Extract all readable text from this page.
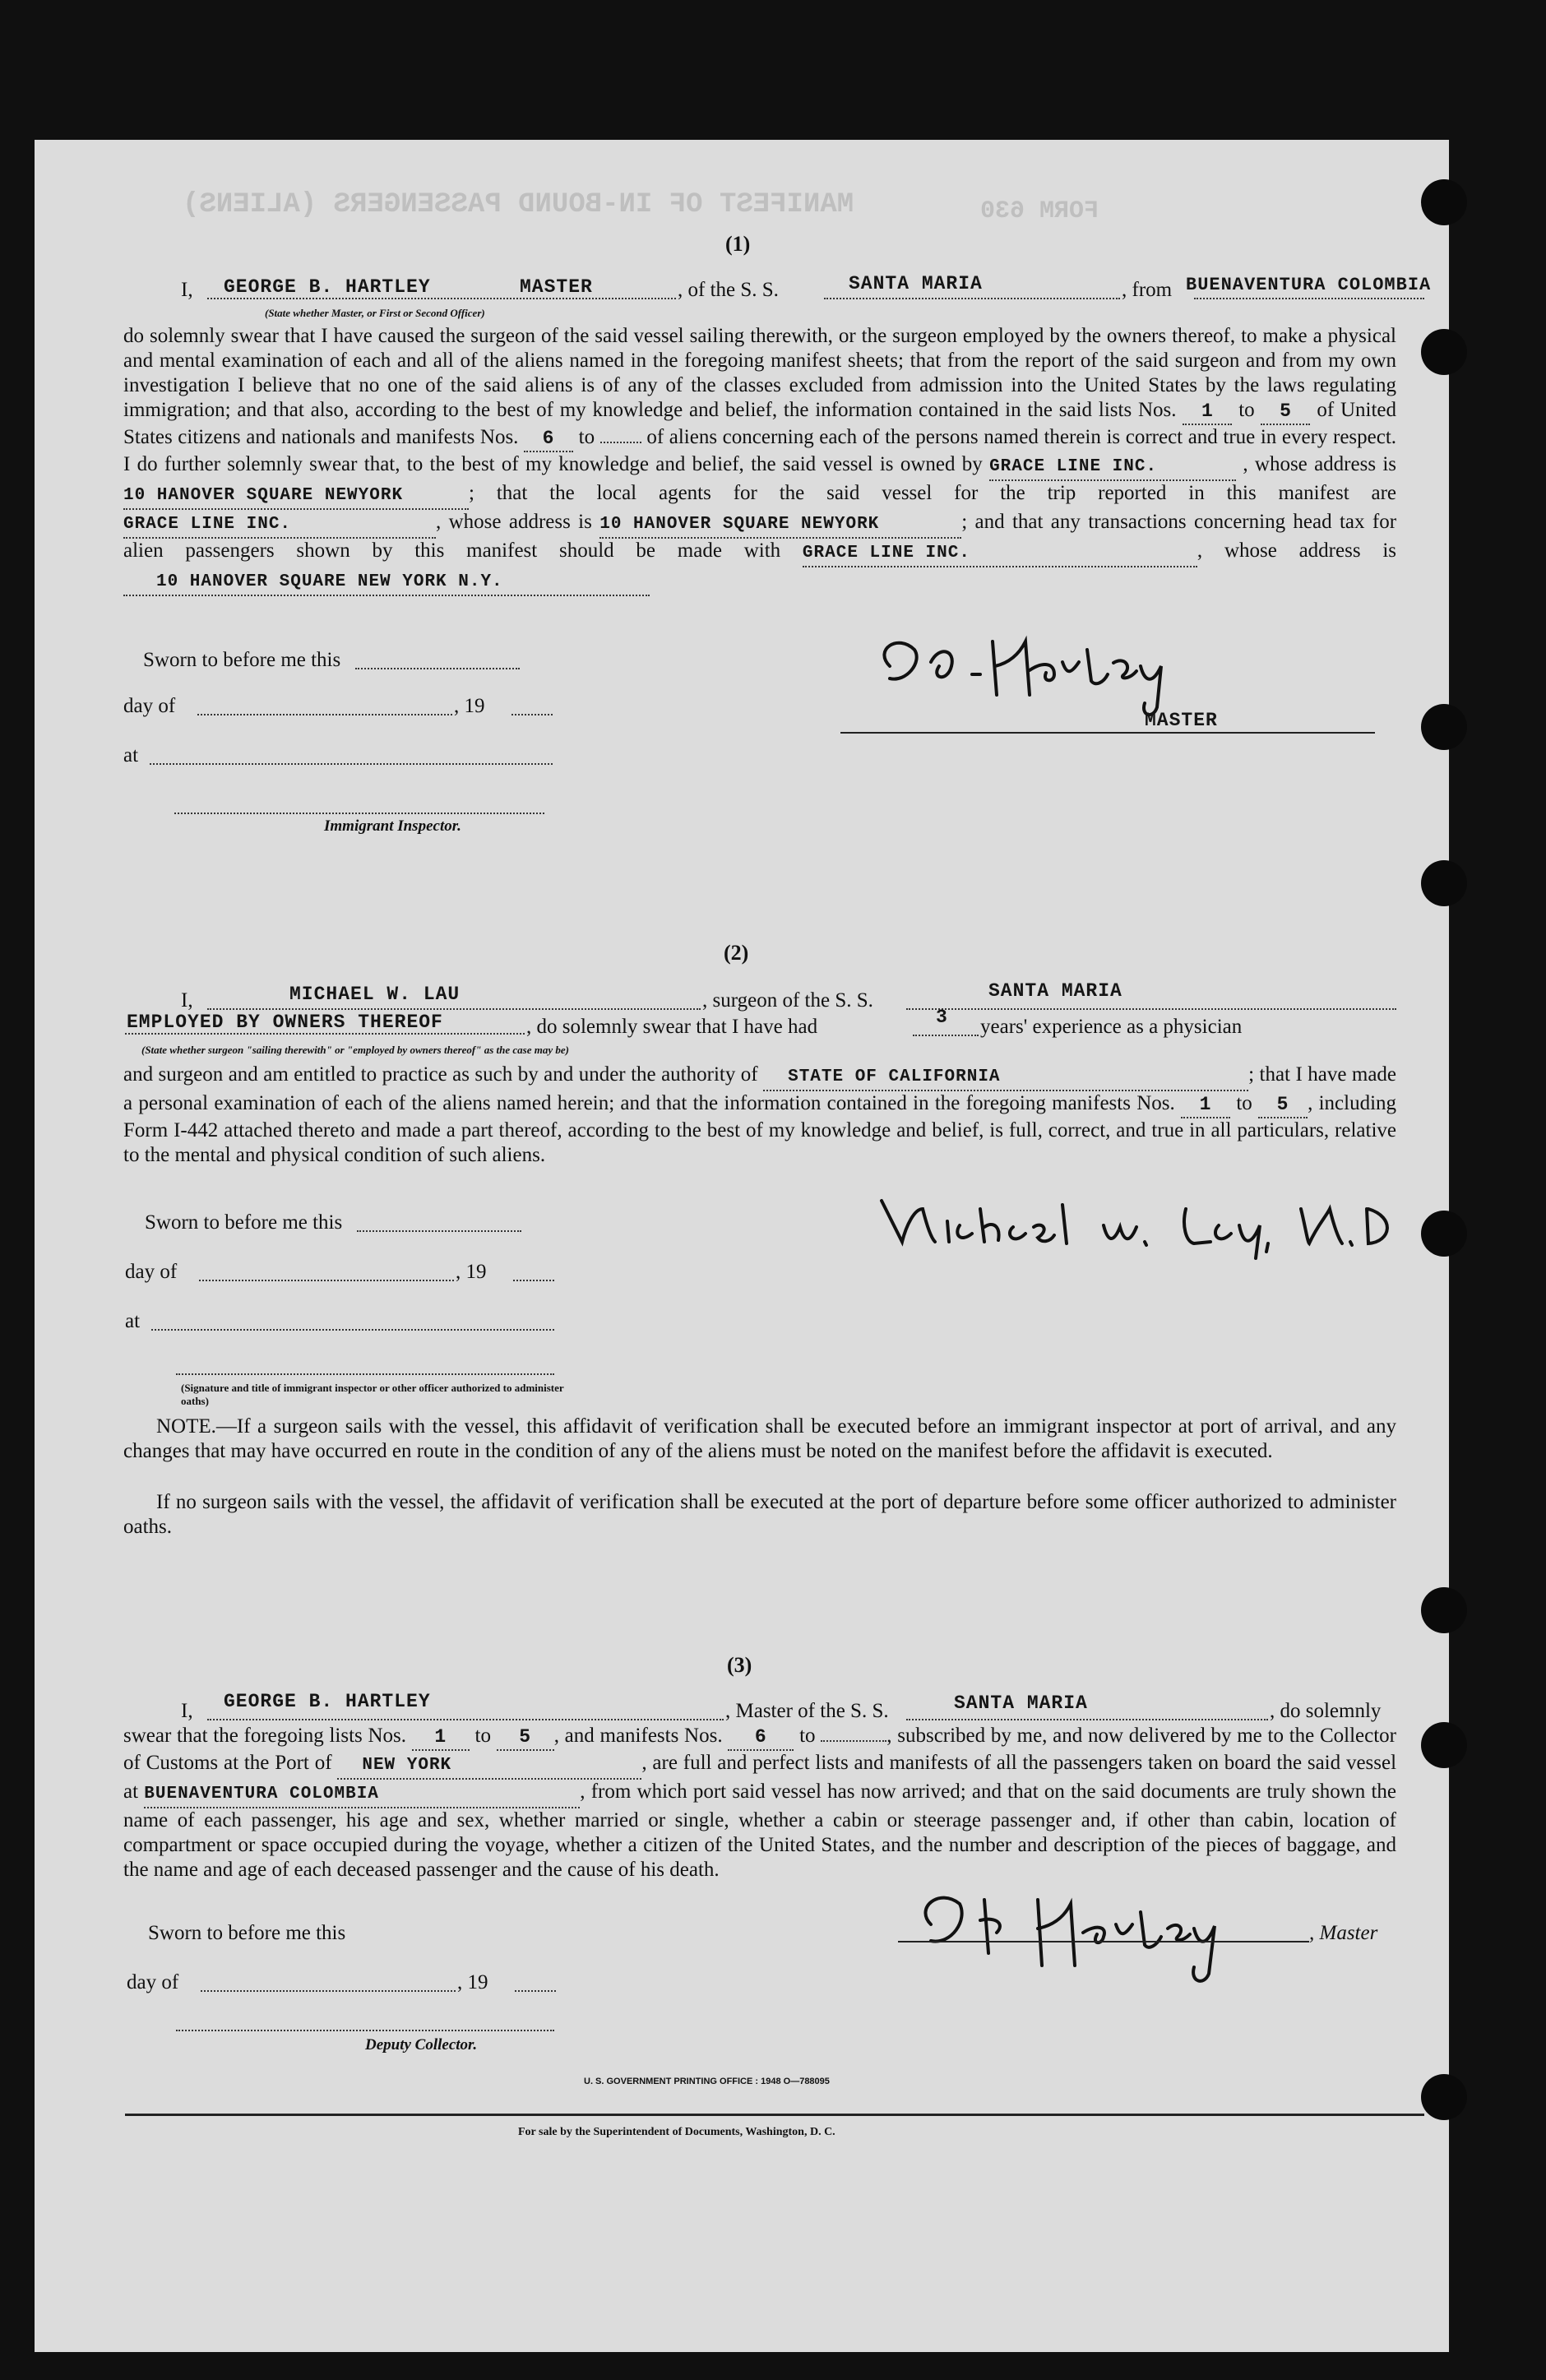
MANIFEST OF IN-BOUND PASSENGERS (ALIENS)	FORM 630
(1)
I, GEORGE B. HARTLEY	MASTER	, of the S. S.	SANTA MARIA	, from BUENAVENTURA COLOMBIA
(State whether Master, or First or Second Officer)
do solemnly swear that I have caused the surgeon of the said vessel sailing therewith, or the surgeon employed by the owners thereof, to make a physical and mental examination of each and all of the aliens named in the foregoing manifest sheets; that from the report of the said surgeon and from my own investigation I believe that no one of the said aliens is of any of the classes excluded from admission into the United States by the laws regulating immigration; and that also, according to the best of my knowledge and belief, the information contained in the said lists Nos. 1 to 5 of United States citizens and nationals and manifests Nos. 6 to	of aliens concerning each of the persons named therein is correct and true in every respect. I do further solemnly swear that, to the best of my knowledge and belief, the said vessel is owned by GRACE LINE INC.	, whose address is 10 HANOVER SQUARE NEWYORK	; that the local agents for the said vessel for the trip reported in this manifest are GRACE LINE INC.	, whose address is 10 HANOVER SQUARE NEWYORK	; and that any transactions concerning head tax for alien passengers shown by this manifest should be made with GRACE LINE INC.	, whose address is 10 HANOVER SQUARE NEW YORK N.Y.
Sworn to before me this
day of	, 19
at
Immigrant Inspector.
MASTER
(2)
I,	MICHAEL W. LAU	, surgeon of the S. S.	SANTA MARIA
EMPLOYED BY OWNERS THEREOF	, do solemnly swear that I have had	3 years' experience as a physician
(State whether surgeon "sailing therewith" or "employed by owners thereof" as the case may be)
and surgeon and am entitled to practice as such by and under the authority of STATE OF CALIFORNIA	; that I have made a personal examination of each of the aliens named herein; and that the information contained in the foregoing manifests Nos. 1 to 5 , including Form I-442 attached thereto and made a part thereof, according to the best of my knowledge and belief, is full, correct, and true in all particulars, relative to the mental and physical condition of such aliens.
Sworn to before me this
day of	, 19
at
(Signature and title of immigrant inspector or other officer authorized to administer oaths)
NOTE.—If a surgeon sails with the vessel, this affidavit of verification shall be executed before an immigrant inspector at port of arrival, and any changes that may have occurred en route in the condition of any of the aliens must be noted on the manifest before the affidavit is executed.
If no surgeon sails with the vessel, the affidavit of verification shall be executed at the port of departure before some officer authorized to administer oaths.
(3)
I, GEORGE B. HARTLEY	, Master of the S. S.	SANTA MARIA	, do solemnly
swear that the foregoing lists Nos. 1 to 5 , and manifests Nos. 6 to	, subscribed by me, and now delivered by me to the Collector of Customs at the Port of NEW YORK	, are full and perfect lists and manifests of all the passengers taken on board the said vessel at BUENAVENTURA COLOMBIA	, from which port said vessel has now arrived; and that on the said documents are truly shown the name of each passenger, his age and sex, whether married or single, whether a cabin or steerage passenger and, if other than cabin, location of compartment or space occupied during the voyage, whether a citizen of the United States, and the number and description of the pieces of baggage, and the name and age of each deceased passenger and the cause of his death.
Sworn to before me this	, Master
day of	, 19
Deputy Collector.
U. S. GOVERNMENT PRINTING OFFICE : 1948 O—788095
For sale by the Superintendent of Documents, Washington, D. C.
